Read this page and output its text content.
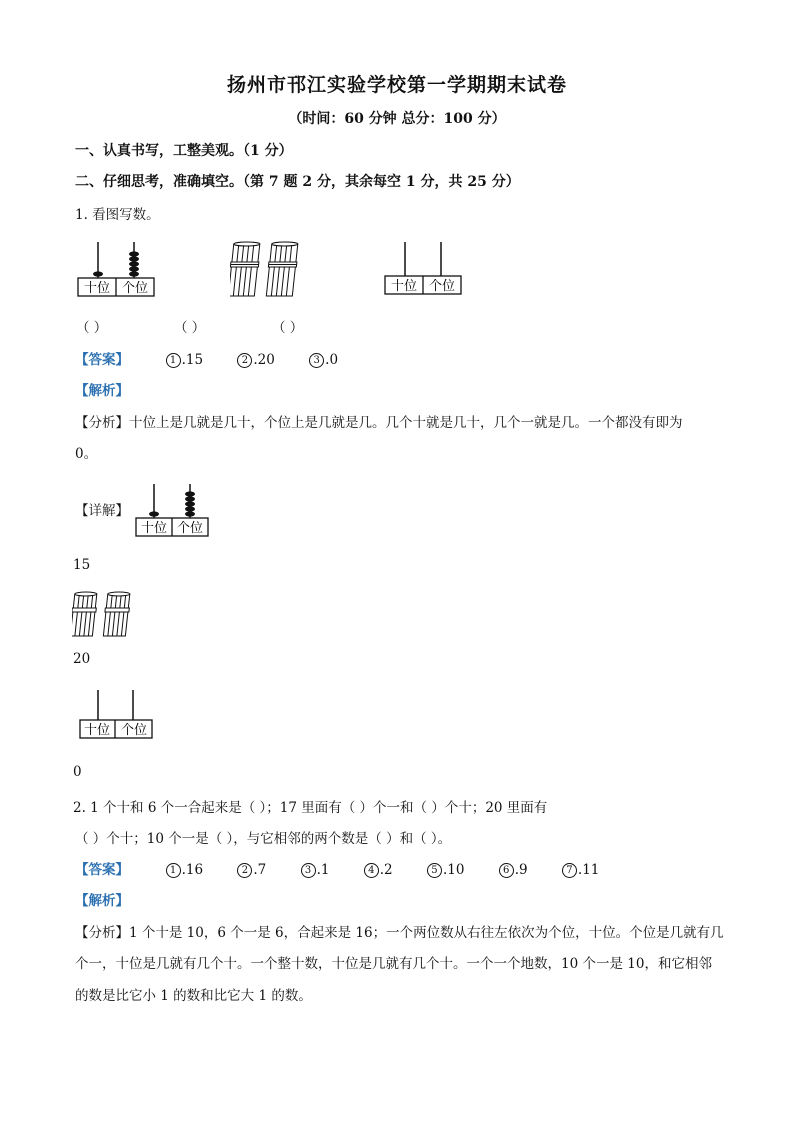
扬州市邗江实验学校第一学期期末试卷
（时间：60 分钟 总分：100 分）
一、认真书写，工整美观。（1 分）
二、仔细思考，准确填空。（第 7 题 2 分，其余每空 1 分，共 25 分）
1. 看图写数。
十位 个位	十位 个位
（ ）	（ ）	（ ）
【答案】	1 .15	2 .20	3 .0
【解析】
【分析】十位上是几就是几十，个位上是几就是几。几个十就是几十，几个一就是几。一个都没有即为
0。
【详解】
十位 个位
15
20
十位 个位
0
2. 1 个十和 6 个一合起来是（ ）；17 里面有（ ）个一和（ ）个十；20 里面有
（ ）个十；10 个一是（ ），与它相邻的两个数是（ ）和（ ）。
【答案】	1 .16	2 .7	3 .1	4 .2	5 .10	6 .9	7 .11
【解析】
【分析】1 个十是 10，6 个一是 6，合起来是 16；一个两位数从右往左依次为个位，十位。个位是几就有几
个一，十位是几就有几个十。一个整十数，十位是几就有几个十。一个一个地数，10 个一是 10，和它相邻
的数是比它小 1 的数和比它大 1 的数。
